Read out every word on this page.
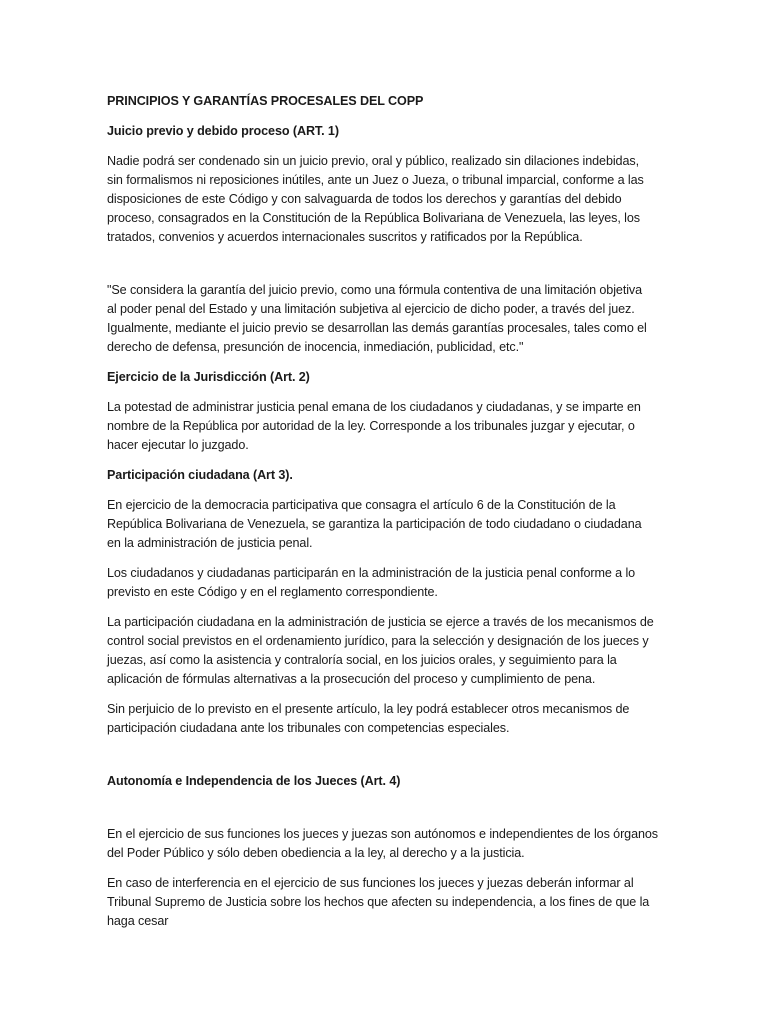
PRINCIPIOS Y GARANTÍAS PROCESALES DEL COPP

Juicio previo y debido proceso (ART. 1)

Nadie podrá ser condenado sin un juicio previo, oral y público, realizado sin dilaciones indebidas,
sin formalismos ni reposiciones inútiles, ante un Juez o Jueza, o tribunal imparcial, conforme a las
disposiciones de este Código y con salvaguarda de todos los derechos y garantías del debido
proceso, consagrados en la Constitución de la República Bolivariana de Venezuela, las leyes, los
tratados, convenios y acuerdos internacionales suscritos y ratificados por la República.

"Se considera la garantía del juicio previo, como una fórmula contentiva de una limitación objetiva
al poder penal del Estado y una limitación subjetiva al ejercicio de dicho poder, a través del juez.
Igualmente, mediante el juicio previo se desarrollan las demás garantías procesales, tales como el
derecho de defensa, presunción de inocencia, inmediación, publicidad, etc."

Ejercicio de la Jurisdicción (Art. 2)

La potestad de administrar justicia penal emana de los ciudadanos y ciudadanas, y se imparte en
nombre de la República por autoridad de la ley. Corresponde a los tribunales juzgar y ejecutar, o
hacer ejecutar lo juzgado.

Participación ciudadana (Art 3).

En ejercicio de la democracia participativa que consagra el artículo 6 de la Constitución de la
República Bolivariana de Venezuela, se garantiza la participación de todo ciudadano o ciudadana
en la administración de justicia penal.

Los ciudadanos y ciudadanas participarán en la administración de la justicia penal conforme a lo
previsto en este Código y en el reglamento correspondiente.

La participación ciudadana en la administración de justicia se ejerce a través de los mecanismos de
control social previstos en el ordenamiento jurídico, para la selección y designación de los jueces y
juezas, así como la asistencia y contraloría social, en los juicios orales, y seguimiento para la
aplicación de fórmulas alternativas a la prosecución del proceso y cumplimiento de pena.

Sin perjuicio de lo previsto en el presente artículo, la ley podrá establecer otros mecanismos de
participación ciudadana ante los tribunales con competencias especiales.

Autonomía e Independencia de los Jueces (Art. 4)

En el ejercicio de sus funciones los jueces y juezas son autónomos e independientes de los órganos
del Poder Público y sólo deben obediencia a la ley, al derecho y a la justicia.

En caso de interferencia en el ejercicio de sus funciones los jueces y juezas deberán informar al
Tribunal Supremo de Justicia sobre los hechos que afecten su independencia, a los fines de que la
haga cesar
